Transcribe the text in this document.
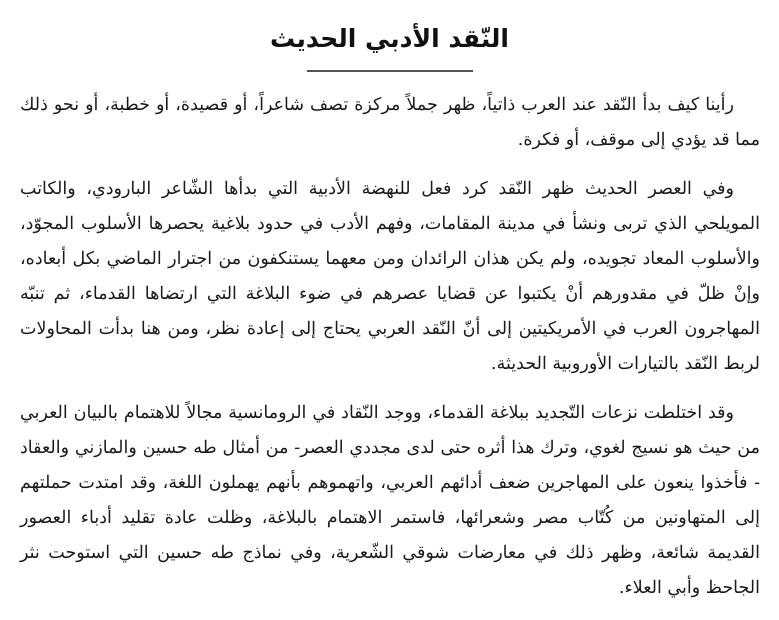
النّقد الأدبي الحديث

رأينا كيف بدأ النّقد عند العرب ذاتياً، ظهر جملاً مركزة تصف شاعراً، أو قصيدة، أو خطبة، أو نحو ذلك مما قد يؤدي إلى موقف، أو فكرة.

وفي العصر الحديث ظهر النّقد كرد فعل للنهضة الأدبية التي بدأها الشّاعر البارودي، والكاتب المويلحي الذي تربى ونشأ في مدينة المقامات، وفهم الأدب في حدود بلاغية يحصرها الأسلوب المجوّد، والأسلوب المعاد تجويده، ولم يكن هذان الرائدان ومن معهما يستنكفون من اجترار الماضي بكل أبعاده، وإنْ ظلّ في مقدورهم أنْ يكتبوا عن قضايا عصرهم في ضوء البلاغة التي ارتضاها القدماء، ثم تنبّه المهاجرون العرب في الأمريكيتين إلى أنّ النّقد العربي يحتاج إلى إعادة نظر، ومن هنا بدأت المحاولات لربط النّقد بالتيارات الأوروبية الحديثة.

وقد اختلطت نزعات التّجديد ببلاغة القدماء، ووجد النّقاد في الرومانسية مجالاً للاهتمام بالبيان العربي من حيث هو نسيج لغوي، وترك هذا أثره حتى لدى مجددي العصر- من أمثال طه حسين والمازني والعقاد - فأخذوا ينعون على المهاجرين ضعف أدائهم العربي، واتهموهم بأنهم يهملون اللغة، وقد امتدت حملتهم إلى المتهاونين من كُتّاب مصر وشعرائها، فاستمر الاهتمام بالبلاغة، وظلت عادة تقليد أدباء العصور القديمة شائعة، وظهر ذلك في معارضات شوقي الشّعرية، وفي نماذج طه حسين التي استوحت نثر الجاحظ وأبي العلاء.
